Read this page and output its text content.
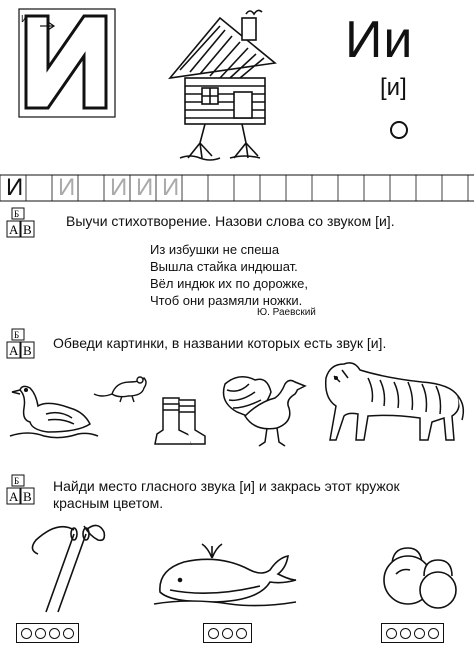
И	Ии
[и]
И И И И И
Б
А В
Б
А В
Б
А В
Выучи стихотворение. Назови слова со звуком [и].
Из избушки не спеша
Вышла стайка индюшат.
Вёл индюк их по дорожке,
Чтоб они размяли ножки.
Ю. Раевский
Обведи картинки, в названии которых есть звук [и].
Найди место гласного звука [и] и закрась этот кружок
красным цветом.
